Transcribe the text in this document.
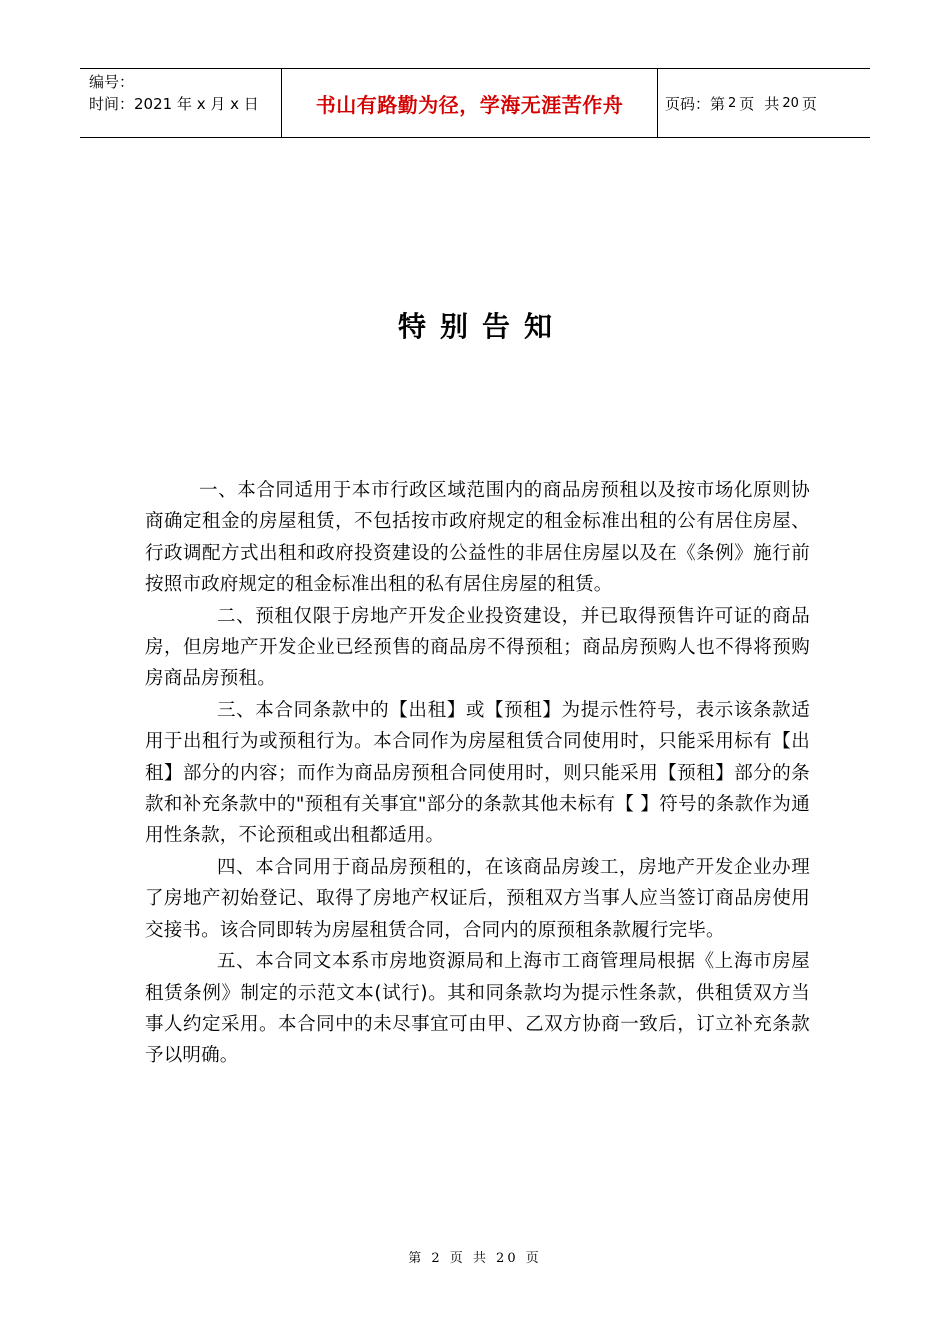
编号：
时间：2021 年 x 月 x 日	书山有路勤为径，学海无涯苦作舟	页码：第 2 页 共 20 页
特别告知

一、本合同适用于本市行政区域范围内的商品房预租以及按市场化原则协商确定租金的房屋租赁，不包括按市政府规定的租金标准出租的公有居住房屋、行政调配方式出租和政府投资建设的公益性的非居住房屋以及在《条例》施行前按照市政府规定的租金标准出租的私有居住房屋的租赁。

二、预租仅限于房地产开发企业投资建设，并已取得预售许可证的商品房，但房地产开发企业已经预售的商品房不得预租；商品房预购人也不得将预购房商品房预租。

三、本合同条款中的【出租】或【预租】为提示性符号，表示该条款适用于出租行为或预租行为。本合同作为房屋租赁合同使用时，只能采用标有【出租】部分的内容；而作为商品房预租合同使用时，则只能采用【预租】部分的条款和补充条款中的"预租有关事宜"部分的条款其他未标有【 】符号的条款作为通用性条款，不论预租或出租都适用。

四、本合同用于商品房预租的，在该商品房竣工，房地产开发企业办理了房地产初始登记、取得了房地产权证后，预租双方当事人应当签订商品房使用交接书。该合同即转为房屋租赁合同，合同内的原预租条款履行完毕。

五、本合同文本系市房地资源局和上海市工商管理局根据《上海市房屋租赁条例》制定的示范文本(试行)。其和同条款均为提示性条款，供租赁双方当事人约定采用。本合同中的未尽事宜可由甲、乙双方协商一致后，订立补充条款予以明确。

第 2 页 共 20 页
